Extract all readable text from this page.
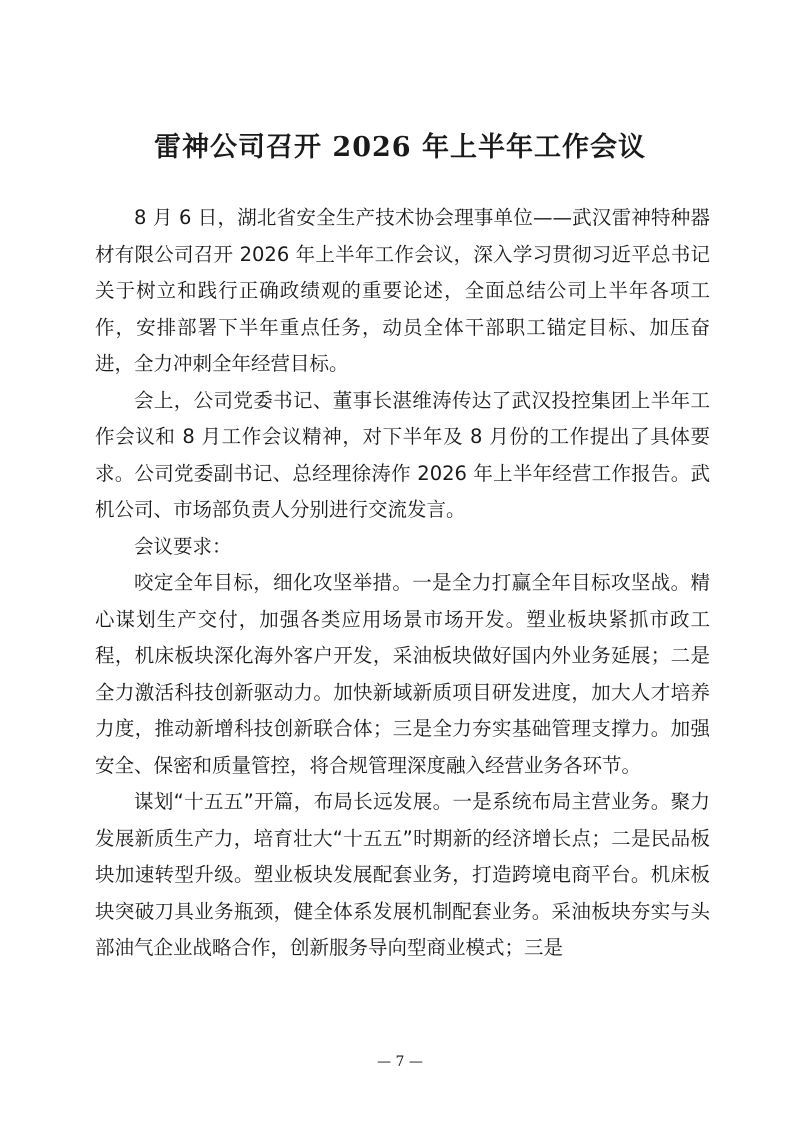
雷神公司召开 2026 年上半年工作会议

8 月 6 日，湖北省安全生产技术协会理事单位——武汉雷神特种器材有限公司召开 2026 年上半年工作会议，深入学习贯彻习近平总书记关于树立和践行正确政绩观的重要论述，全面总结公司上半年各项工作，安排部署下半年重点任务，动员全体干部职工锚定目标、加压奋进，全力冲刺全年经营目标。

会上，公司党委书记、董事长湛维涛传达了武汉投控集团上半年工作会议和 8 月工作会议精神，对下半年及 8 月份的工作提出了具体要求。公司党委副书记、总经理徐涛作 2026 年上半年经营工作报告。武机公司、市场部负责人分别进行交流发言。

会议要求：

咬定全年目标，细化攻坚举措。一是全力打赢全年目标攻坚战。精心谋划生产交付，加强各类应用场景市场开发。塑业板块紧抓市政工程，机床板块深化海外客户开发，采油板块做好国内外业务延展；二是全力激活科技创新驱动力。加快新域新质项目研发进度，加大人才培养力度，推动新增科技创新联合体；三是全力夯实基础管理支撑力。加强安全、保密和质量管控，将合规管理深度融入经营业务各环节。

谋划“十五五”开篇，布局长远发展。一是系统布局主营业务。聚力发展新质生产力，培育壮大“十五五”时期新的经济增长点；二是民品板块加速转型升级。塑业板块发展配套业务，打造跨境电商平台。机床板块突破刀具业务瓶颈，健全体系发展机制配套业务。采油板块夯实与头部油气企业战略合作，创新服务导向型商业模式；三是

— 7 —
